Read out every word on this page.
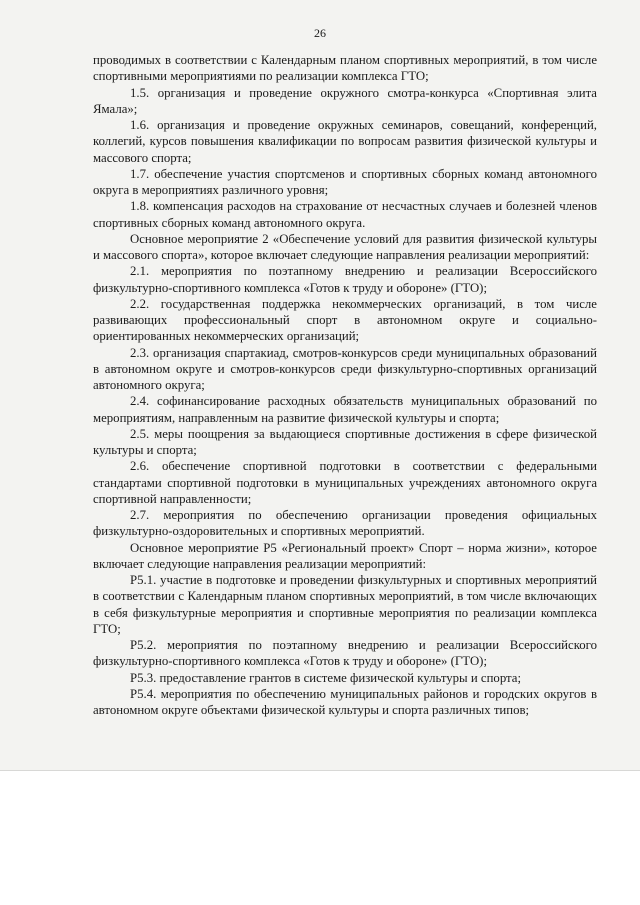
26

проводимых в соответствии с Календарным планом спортивных мероприятий, в том числе спортивными мероприятиями по реализации комплекса ГТО;

1.5. организация и проведение окружного смотра-конкурса «Спортивная элита Ямала»;

1.6. организация и проведение окружных семинаров, совещаний, конференций, коллегий, курсов повышения квалификации по вопросам развития физической культуры и массового спорта;

1.7. обеспечение участия спортсменов и спортивных сборных команд автономного округа в мероприятиях различного уровня;

1.8. компенсация расходов на страхование от несчастных случаев и болезней членов спортивных сборных команд автономного округа.

Основное мероприятие 2 «Обеспечение условий для развития физической культуры и массового спорта», которое включает следующие направления реализации мероприятий:

2.1. мероприятия по поэтапному внедрению и реализации Всероссийского физкультурно-спортивного комплекса «Готов к труду и обороне» (ГТО);

2.2. государственная поддержка некоммерческих организаций, в том числе развивающих профессиональный спорт в автономном округе и социально-ориентированных некоммерческих организаций;

2.3. организация спартакиад, смотров-конкурсов среди муниципальных образований в автономном округе и смотров-конкурсов среди физкультурно-спортивных организаций автономного округа;

2.4. софинансирование расходных обязательств муниципальных образований по мероприятиям, направленным на развитие физической культуры и спорта;

2.5. меры поощрения за выдающиеся спортивные достижения в сфере физической культуры и спорта;

2.6. обеспечение спортивной подготовки в соответствии с федеральными стандартами спортивной подготовки в муниципальных учреждениях автономного округа спортивной направленности;

2.7. мероприятия по обеспечению организации проведения официальных физкультурно-оздоровительных и спортивных мероприятий.

Основное мероприятие Р5 «Региональный проект» Спорт – норма жизни», которое включает следующие направления реализации мероприятий:

Р5.1. участие в подготовке и проведении физкультурных и спортивных мероприятий в соответствии с Календарным планом спортивных мероприятий, в том числе включающих в себя физкультурные мероприятия и спортивные мероприятия по реализации комплекса ГТО;

Р5.2. мероприятия по поэтапному внедрению и реализации Всероссийского физкультурно-спортивного комплекса «Готов к труду и обороне» (ГТО);

Р5.3. предоставление грантов в системе физической культуры и спорта;

Р5.4. мероприятия по обеспечению муниципальных районов и городских округов в автономном округе объектами физической культуры и спорта различных типов;
